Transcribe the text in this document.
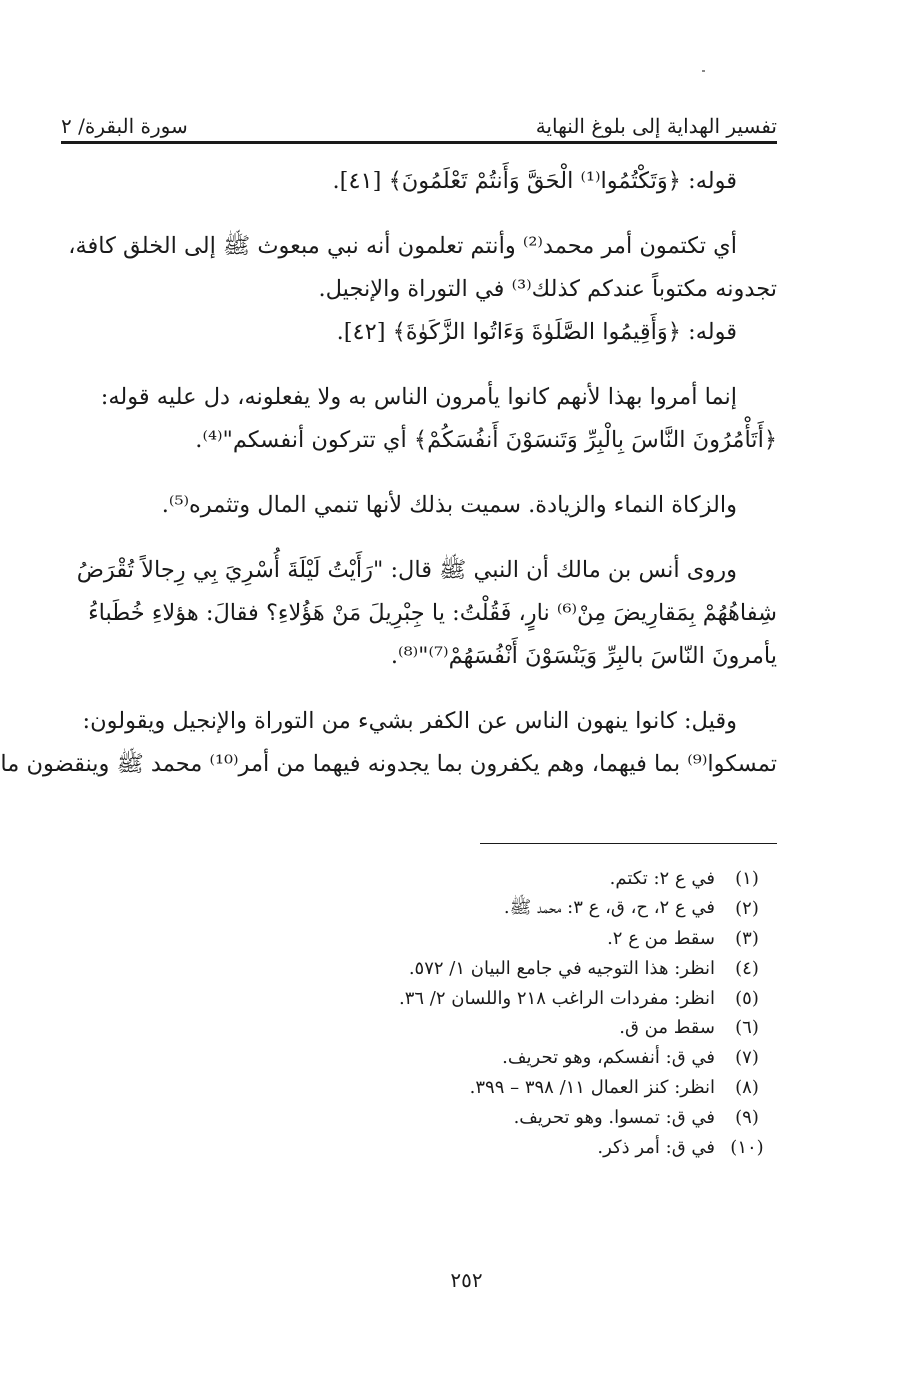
تفسير الهداية إلى بلوغ النهاية
سورة البقرة/ ٢
قوله: ﴿وَتَكْتُمُوا⁽¹⁾ الْحَقَّ وَأَنتُمْ تَعْلَمُونَ﴾ [٤١].
أي تكتمون أمر محمد⁽²⁾ وأنتم تعلمون أنه نبي مبعوث ﷺ إلى الخلق كافة،
تجدونه مكتوباً عندكم كذلك⁽³⁾ في التوراة والإنجيل.
قوله: ﴿وَأَقِيمُوا الصَّلَوٰةَ وَءَاتُوا الزَّكَوٰةَ﴾ [٤٢].
إنما أمروا بهذا لأنهم كانوا يأمرون الناس به ولا يفعلونه، دل عليه قوله:
﴿أَتَأْمُرُونَ النَّاسَ بِالْبِرِّ وَتَنسَوْنَ أَنفُسَكُمْ﴾ أي تتركون أنفسكم"⁽⁴⁾.
والزكاة النماء والزيادة. سميت بذلك لأنها تنمي المال وتثمره⁽⁵⁾.
وروى أنس بن مالك أن النبي ﷺ قال: "رَأَيْتُ لَيْلَةَ أُسْرِيَ بِي رِجالاً تُقْرَضُ
شِفاهُهُمْ بِمَقارِيضَ مِنْ⁽⁶⁾ نارٍ، فَقُلْتُ: يا جِبْرِيلَ مَنْ هَؤُلاءِ؟ فقالَ: هؤلاءِ خُطَباءُ
يأمرونَ النّاسَ بالبِرِّ وَيَنْسَوْنَ أَنْفُسَهُمْ⁽⁷⁾"⁽⁸⁾.
وقيل: كانوا ينهون الناس عن الكفر بشيء من التوراة والإنجيل ويقولون:
تمسكوا⁽⁹⁾ بما فيهما، وهم يكفرون بما يجدونه فيهما من أمر⁽¹⁰⁾ محمد ﷺ وينقضون ما
(١)
في ع ٢: تكتم.
(٢)
في ع ٢، ح، ق، ع ٣: محمد ﷺ.
(٣)
سقط من ع ٢.
(٤)
انظر: هذا التوجيه في جامع البيان ١/ ٥٧٢.
(٥)
انظر: مفردات الراغب ٢١٨ واللسان ٢/ ٣٦.
(٦)
سقط من ق.
(٧)
في ق: أنفسكم، وهو تحريف.
(٨)
انظر: كنز العمال ١١/ ٣٩٨ – ٣٩٩.
(٩)
في ق: تمسوا. وهو تحريف.
(١٠)
في ق: أمر ذكر.
٢٥٢
